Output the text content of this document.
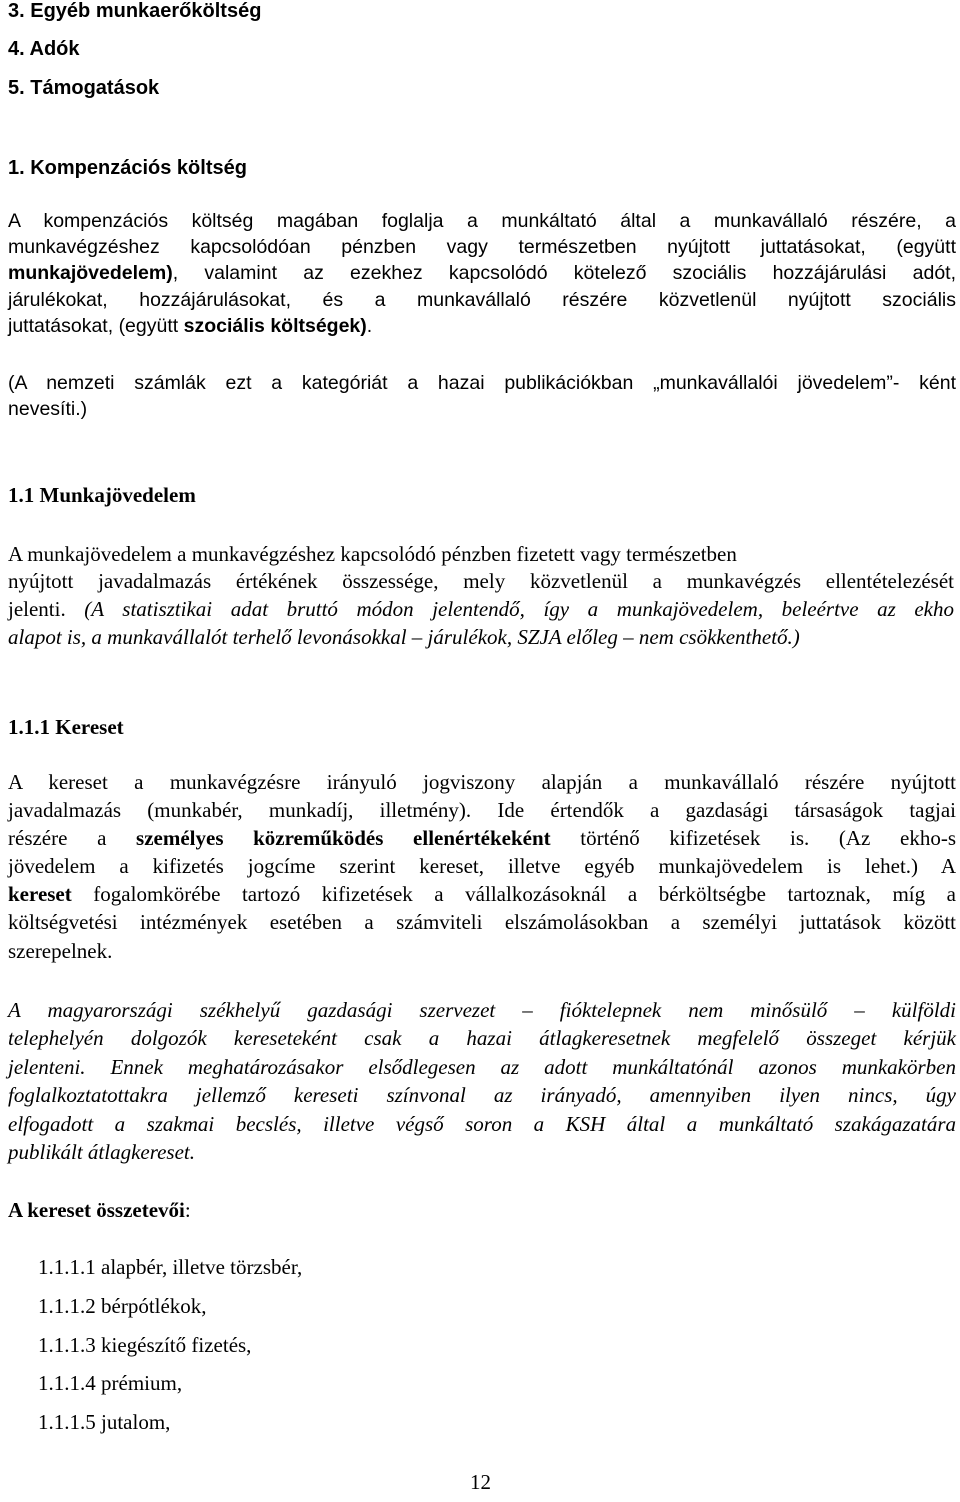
3. Egyéb munkaerőköltség

4. Adók

5. Támogatások

1. Kompenzációs költség

A kompenzációs költség magában foglalja a munkáltató által a munkavállaló részére, a

munkavégzéshez kapcsolódóan pénzben vagy természetben nyújtott juttatásokat, (együtt

munkajövedelem), valamint az ezekhez kapcsolódó kötelező szociális hozzájárulási adót,

járulékokat, hozzájárulásokat, és a munkavállaló részére közvetlenül nyújtott szociális

juttatásokat, (együtt szociális költségek).

(A nemzeti számlák ezt a kategóriát a hazai publikációkban „munkavállalói jövedelem”- ként

nevesíti.)

1.1 Munkajövedelem

A munkajövedelem a munkavégzéshez kapcsolódó pénzben fizetett vagy természetben

nyújtott javadalmazás értékének összessége, mely közvetlenül a munkavégzés ellentételezését

jelenti. (A statisztikai adat bruttó módon jelentendő, így a munkajövedelem, beleértve az ekho

alapot is, a munkavállalót terhelő levonásokkal – járulékok, SZJA előleg – nem csökkenthető.)

1.1.1 Kereset

A kereset a munkavégzésre irányuló jogviszony alapján a munkavállaló részére nyújtott

javadalmazás (munkabér, munkadíj, illetmény). Ide értendők a gazdasági társaságok tagjai

részére a személyes közreműködés ellenértékeként történő kifizetések is. (Az ekho-s

jövedelem a kifizetés jogcíme szerint kereset, illetve egyéb munkajövedelem is lehet.) A

kereset fogalomkörébe tartozó kifizetések a vállalkozásoknál a bérköltségbe tartoznak, míg a

költségvetési intézmények esetében a számviteli elszámolásokban a személyi juttatások között

szerepelnek.

A magyarországi székhelyű gazdasági szervezet – fióktelepnek nem minősülő – külföldi

telephelyén dolgozók kereseteként csak a hazai átlagkeresetnek megfelelő összeget kérjük

jelenteni. Ennek meghatározásakor elsődlegesen az adott munkáltatónál azonos munkakörben

foglalkoztatottakra jellemző kereseti színvonal az irányadó, amennyiben ilyen nincs, úgy

elfogadott a szakmai becslés, illetve végső soron a KSH által a munkáltató szakágazatára

publikált átlagkereset.

A kereset összetevői:

1.1.1.1 alapbér, illetve törzsbér,

1.1.1.2 bérpótlékok,

1.1.1.3 kiegészítő fizetés,

1.1.1.4 prémium,

1.1.1.5 jutalom,

12
